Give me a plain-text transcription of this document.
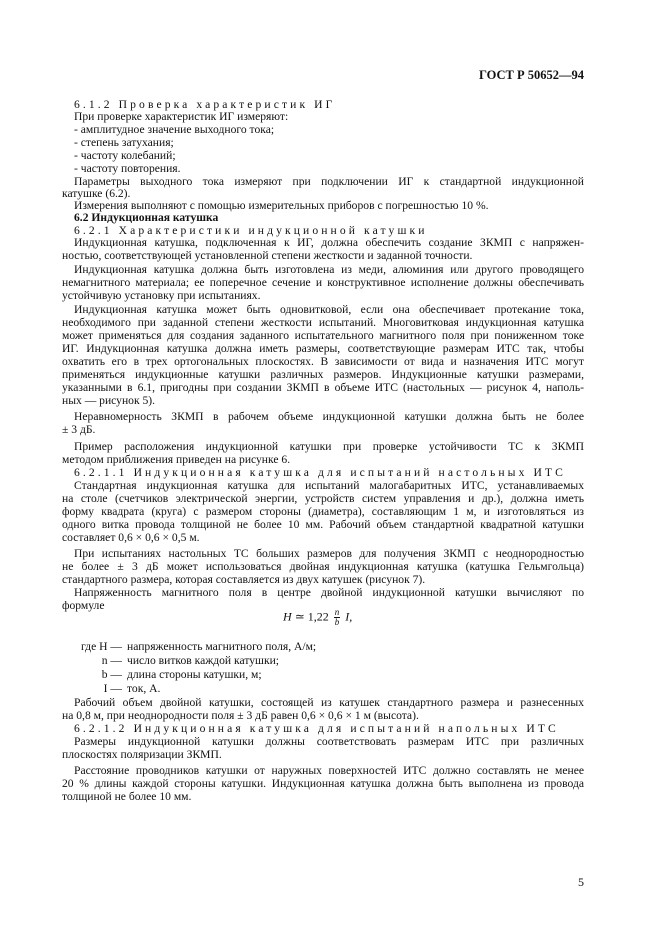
ГОСТ Р 50652—94
6.1.2 Проверка характеристик ИГ
При проверке характеристик ИГ измеряют:
- амплитудное значение выходного тока;
- степень затухания;
- частоту колебаний;
- частоту повторения.
Параметры выходного тока измеряют при подключении ИГ к стандартной индукционной
катушке (6.2).
Измерения выполняют с помощью измерительных приборов с погрешностью 10 %.
6.2 Индукционная катушка
6.2.1 Характеристики индукционной катушки
Индукционная катушка, подключенная к ИГ, должна обеспечить создание ЗКМП с напряжен-
ностью, соответствующей установленной степени жесткости и заданной точности.
Индукционная катушка должна быть изготовлена из меди, алюминия или другого проводящего
немагнитного материала; ее поперечное сечение и конструктивное исполнение должны обеспечивать
устойчивую установку при испытаниях.
Индукционная катушка может быть одновитковой, если она обеспечивает протекание тока,
необходимого при заданной степени жесткости испытаний. Многовитковая индукционная катушка
может применяться для создания заданного испытательного магнитного поля при пониженном токе
ИГ. Индукционная катушка должна иметь размеры, соответствующие размерам ИТС так, чтобы
охватить его в трех ортогональных плоскостях. В зависимости от вида и назначения ИТС могут
применяться индукционные катушки различных размеров. Индукционные катушки размерами,
указанными в 6.1, пригодны при создании ЗКМП в объеме ИТС (настольных — рисунок 4, наполь-
ных — рисунок 5).
Неравномерность ЗКМП в рабочем объеме индукционной катушки должна быть не более
± 3 дБ.
Пример расположения индукционной катушки при проверке устойчивости ТС к ЗКМП
методом приближения приведен на рисунке 6.
6.2.1.1 Индукционная катушка для испытаний настольных ИТС
Стандартная индукционная катушка для испытаний малогабаритных ИТС, устанавливаемых
на столе (счетчиков электрической энергии, устройств систем управления и др.), должна иметь
форму квадрата (круга) с размером стороны (диаметра), составляющим 1 м, и изготовляться из
одного витка провода толщиной не более 10 мм. Рабочий объем стандартной квадратной катушки
составляет 0,6 × 0,6 × 0,5 м.
При испытаниях настольных ТС больших размеров для получения ЗКМП с неоднородностью
не более ± 3 дБ может использоваться двойная индукционная катушка (катушка Гельмгольца)
стандартного размера, которая составляется из двух катушек (рисунок 7).
Напряженность магнитного поля в центре двойной индукционной катушки вычисляют по
формуле
H ≃ $1,22 \frac{n}{b} I$,
где H — напряженность магнитного поля, А/м;
n — число витков каждой катушки;
b — длина стороны катушки, м;
I — ток, А.
Рабочий объем двойной катушки, состоящей из катушек стандартного размера и разнесенных
на 0,8 м, при неоднородности поля ± 3 дБ равен 0,6 × 0,6 × 1 м (высота).
6.2.1.2 Индукционная катушка для испытаний напольных ИТС
Размеры индукционной катушки должны соответствовать размерам ИТС при различных
плоскостях поляризации ЗКМП.
Расстояние проводников катушки от наружных поверхностей ИТС должно составлять не менее
20 % длины каждой стороны катушки. Индукционная катушка должна быть выполнена из провода
толщиной не более 10 мм.
5
